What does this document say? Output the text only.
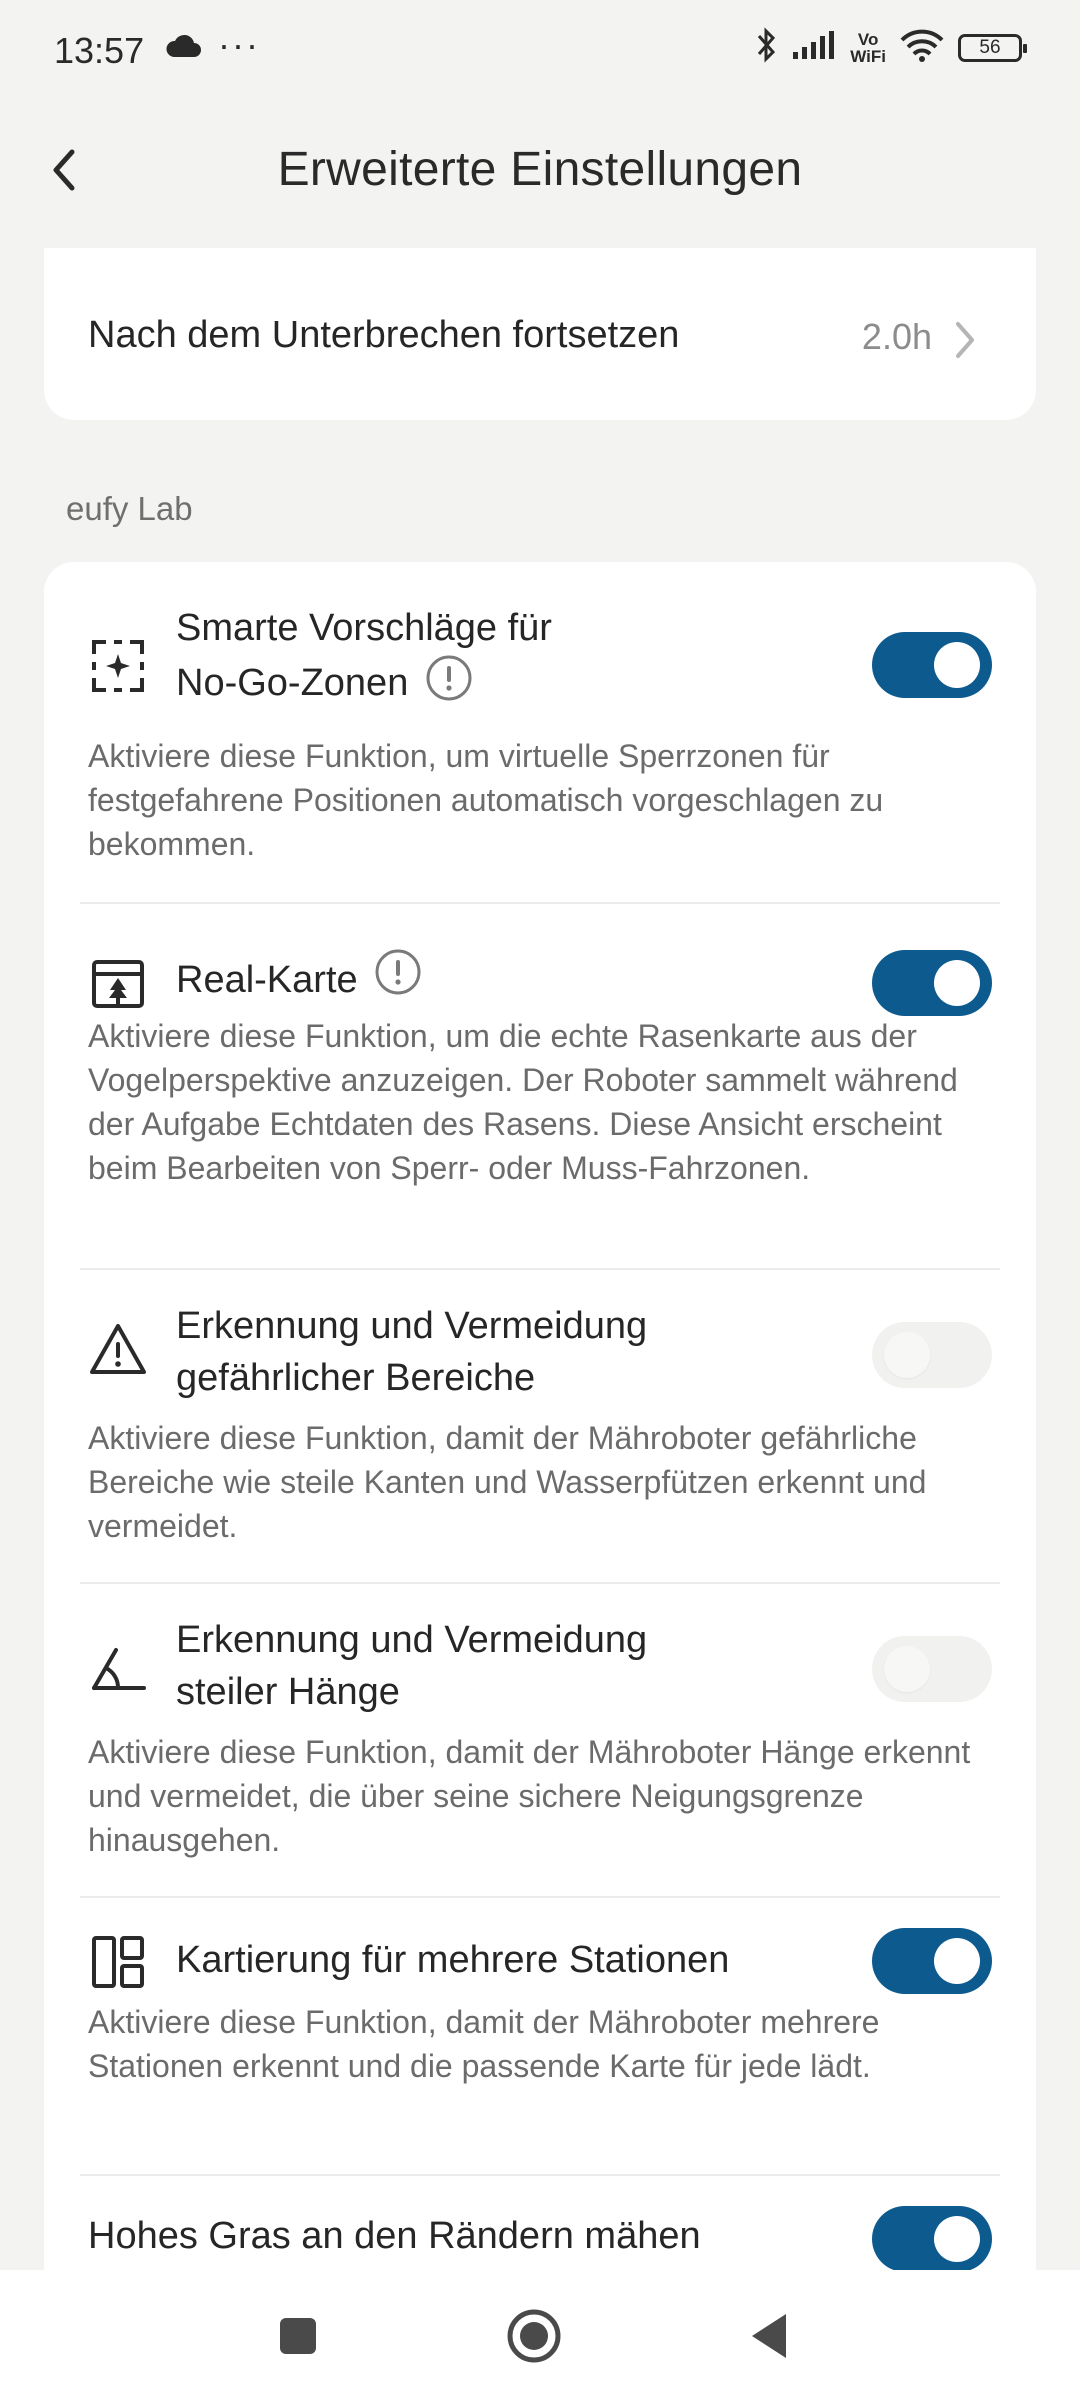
13:57 ···	Vo
WiFi	56
Erweiterte Einstellungen
Nach dem Unterbrechen fortsetzen	2.0h
eufy Lab
Smarte Vorschläge für
No-Go-Zonen
Aktiviere diese Funktion, um virtuelle Sperrzonen für festgefahrene Positionen automatisch vorgeschlagen zu bekommen.
Real-Karte
Aktiviere diese Funktion, um die echte Rasenkarte aus der Vogelperspektive anzuzeigen. Der Roboter sammelt während der Aufgabe Echtdaten des Rasens. Diese Ansicht erscheint beim Bearbeiten von Sperr- oder Muss-Fahrzonen.
Erkennung und Vermeidung
gefährlicher Bereiche
Aktiviere diese Funktion, damit der Mähroboter gefährliche Bereiche wie steile Kanten und Wasserpfützen erkennt und vermeidet.
Erkennung und Vermeidung
steiler Hänge
Aktiviere diese Funktion, damit der Mähroboter Hänge erkennt und vermeidet, die über seine sichere Neigungsgrenze hinausgehen.
Kartierung für mehrere Stationen
Aktiviere diese Funktion, damit der Mähroboter mehrere Stationen erkennt und die passende Karte für jede lädt.
Hohes Gras an den Rändern mähen
